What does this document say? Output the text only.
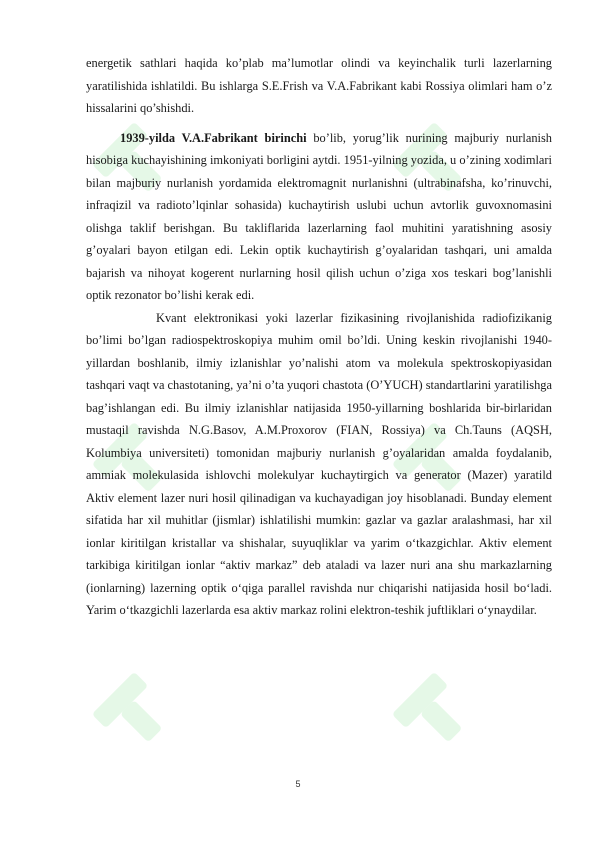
energetik sathlari haqida ko’plab ma’lumotlar olindi va keyinchalik turli lazerlarning yaratilishida ishlatildi. Bu ishlarga S.E.Frish va V.A.Fabrikant kabi Rossiya olimlari ham o’z hissalarini qo’shishdi.

1939-yilda V.A.Fabrikant birinchi bo’lib, yorug’lik nurining majburiy nurlanish hisobiga kuchayishining imkoniyati borligini aytdi. 1951-yilning yozida, u o’zining xodimlari bilan majburiy nurlanish yordamida elektromagnit nurlanishni (ultrabinafsha, ko’rinuvchi, infraqizil va radioto’lqinlar sohasida) kuchaytirish uslubi uchun avtorlik guvoxnomasini olishga taklif berishgan. Bu takliflarida lazerlarning faol muhitini yaratishning asosiy g’oyalari bayon etilgan edi. Lekin optik kuchaytirish g’oyalaridan tashqari, uni amalda bajarish va nihoyat kogerent nurlarning hosil qilish uchun o’ziga xos teskari bog’lanishli optik rezonator bo’lishi kerak edi.

Kvant elektronikasi yoki lazerlar fizikasining rivojlanishida radiofizikanig bo’limi bo’lgan radiospektroskopiya muhim omil bo’ldi. Uning keskin rivojlanishi 1940-yillardan boshlanib, ilmiy izlanishlar yo’nalishi atom va molekula spektroskopiyasidan tashqari vaqt va chastotaning, ya’ni o’ta yuqori chastota (O’YUCH) standartlarini yaratilishga bag’ishlangan edi. Bu ilmiy izlanishlar natijasida 1950-yillarning boshlarida bir-birlaridan mustaqil ravishda N.G.Basov, A.M.Proxorov (FIAN, Rossiya) va Ch.Tauns (AQSH, Kolumbiya universiteti) tomonidan majburiy nurlanish g’oyalaridan amalda foydalanib, ammiak molekulasida ishlovchi molekulyar kuchaytirgich va generator (Mazer) yaratild Aktiv element lazer nuri hosil qilinadigan va kuchayadigan joy hisoblanadi. Bunday element sifatida har xil muhitlar (jismlar) ishlatilishi mumkin: gazlar va gazlar aralashmasi, har xil ionlar kiritilgan kristallar va shishalar, suyuqliklar va yarim o‘tkazgichlar. Aktiv element tarkibiga kiritilgan ionlar “aktiv markaz” deb ataladi va lazer nuri ana shu markazlarning (ionlarning) lazerning optik o‘qiga parallel ravishda nur chiqarishi natijasida hosil bo‘ladi. Yarim o‘tkazgichli lazerlarda esa aktiv markaz rolini elektron-teshik juftliklari o‘ynaydilar.

5
